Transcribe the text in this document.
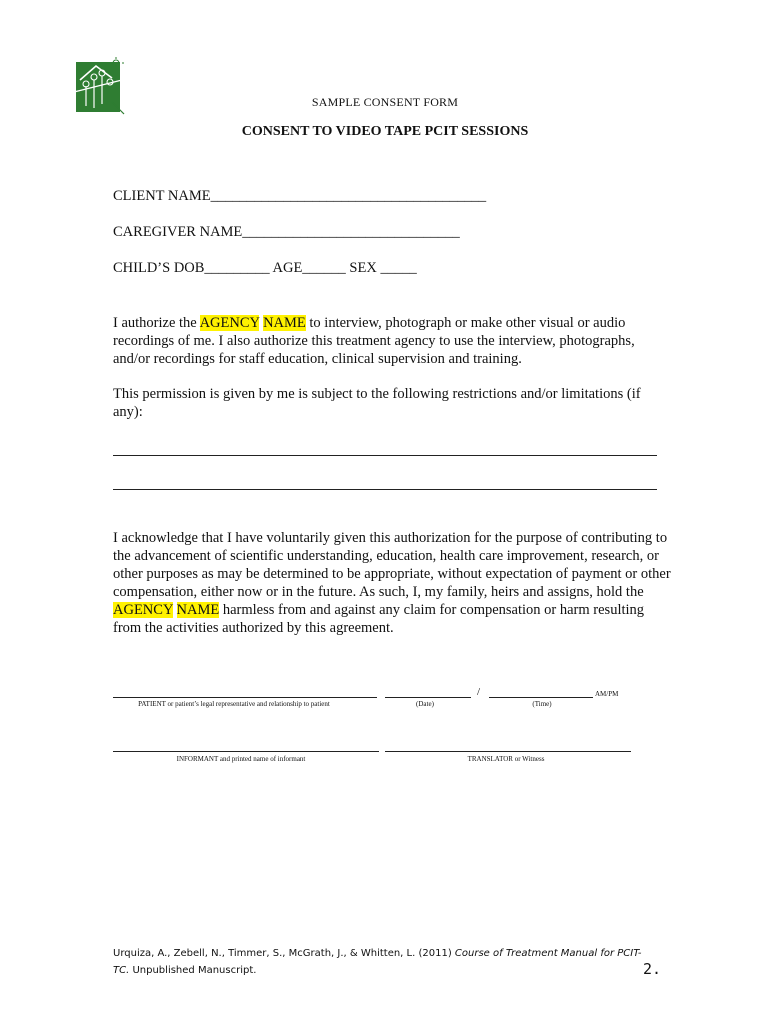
SAMPLE CONSENT FORM
CONSENT TO VIDEO TAPE PCIT SESSIONS
CLIENT NAME______________________________________
CAREGIVER NAME______________________________
CHILD’S DOB_________ AGE______ SEX _____
I authorize the AGENCY NAME to interview, photograph or make other visual or audio recordings of me. I also authorize this treatment agency to use the interview, photographs, and/or recordings for staff education, clinical supervision and training.
This permission is given by me is subject to the following restrictions and/or limitations (if any):
I acknowledge that I have voluntarily given this authorization for the purpose of contributing to the advancement of scientific understanding, education, health care improvement, research, or other purposes as may be determined to be appropriate, without expectation of payment or other compensation, either now or in the future. As such, I, my family, heirs and assigns, hold the AGENCY NAME harmless from and against any claim for compensation or harm resulting from the activities authorized by this agreement.
/	AM/PM
PATIENT or patient’s legal representative and relationship to patient	(Date)	(Time)
INFORMANT and printed name of informant	TRANSLATOR or Witness
Urquiza, A., Zebell, N., Timmer, S., McGrath, J., & Whitten, L. (2011) Course of Treatment Manual for PCIT-
TC. Unpublished Manuscript.	2.
